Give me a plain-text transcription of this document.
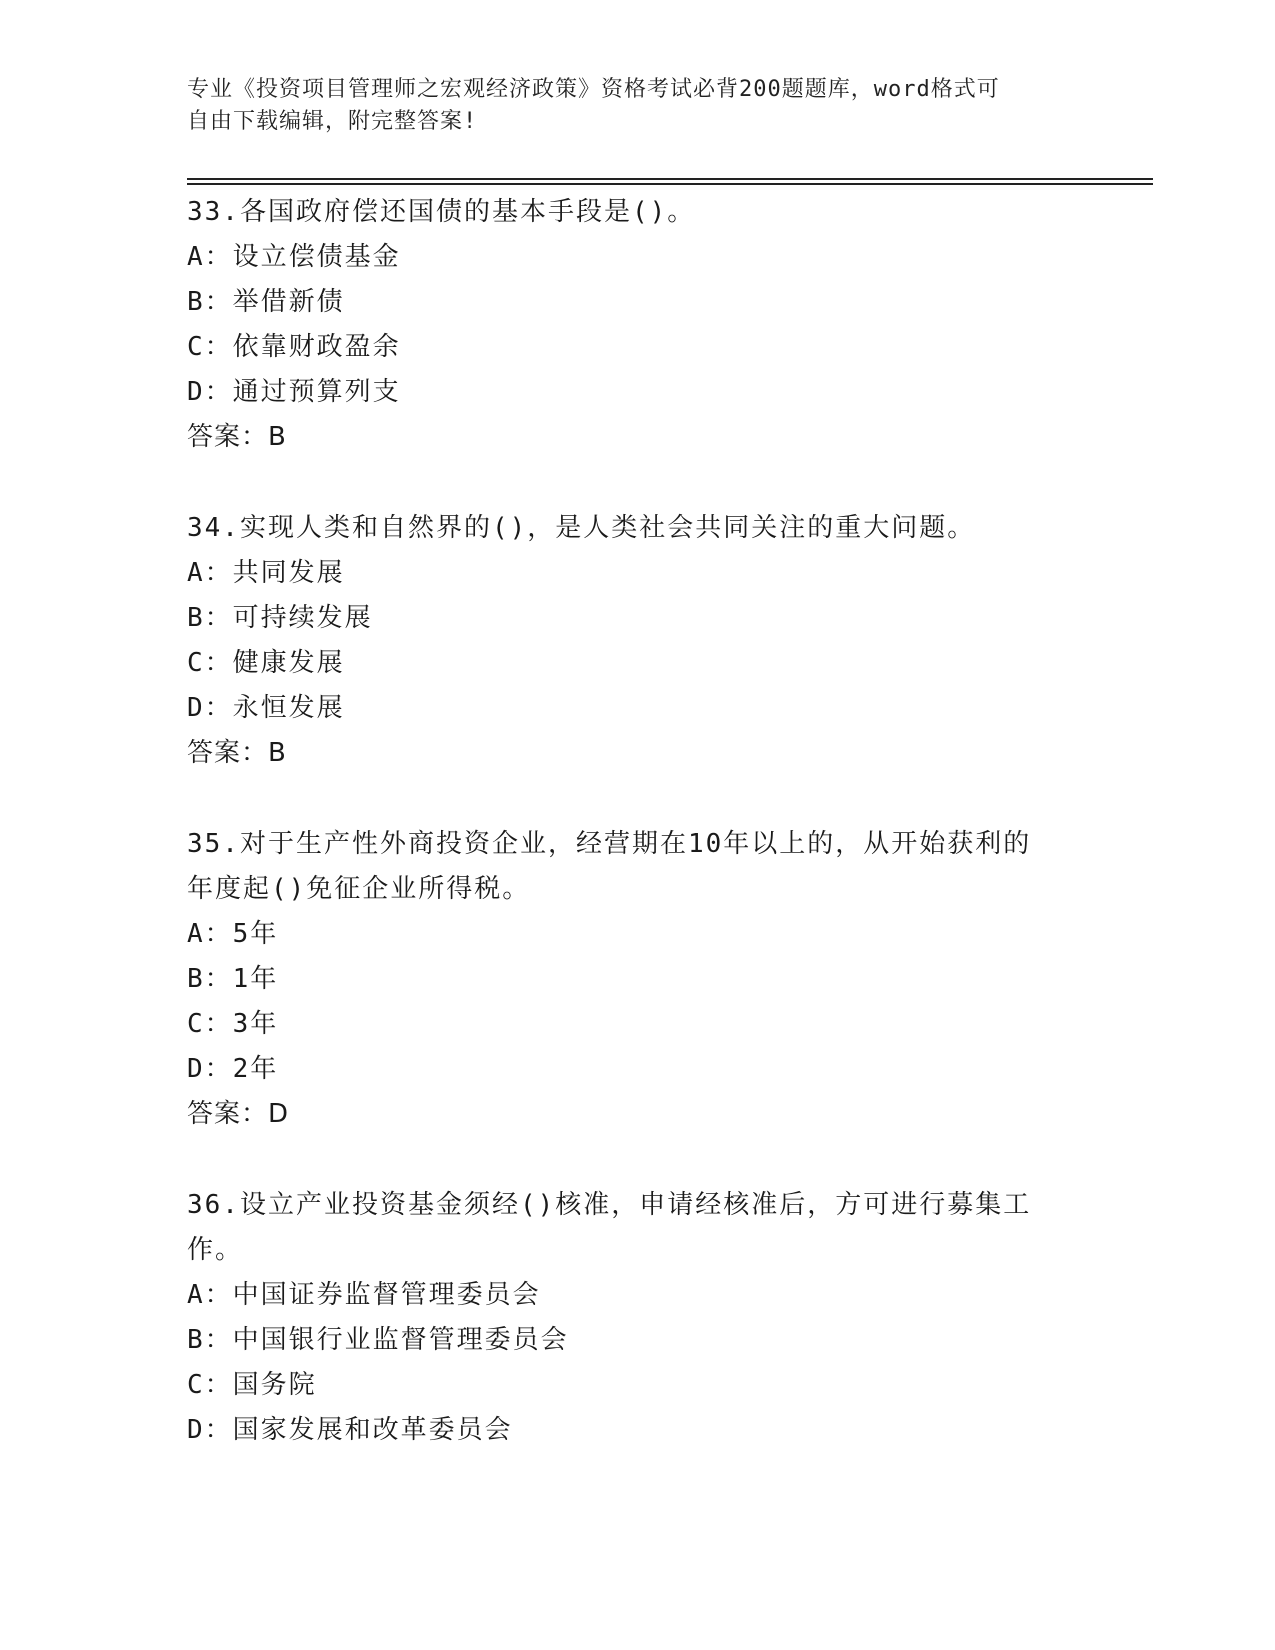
专业《投资项目管理师之宏观经济政策》资格考试必背200题题库，word格式可
自由下载编辑，附完整答案!

33.各国政府偿还国债的基本手段是()。

A：设立偿债基金

B：举借新债

C：依靠财政盈余

D：通过预算列支

答案：B

34.实现人类和自然界的()，是人类社会共同关注的重大问题。

A：共同发展

B：可持续发展

C：健康发展

D：永恒发展

答案：B

35.对于生产性外商投资企业，经营期在10年以上的，从开始获利的年度起()免征企业所得税。

A：5年

B：1年

C：3年

D：2年

答案：D

36.设立产业投资基金须经()核准，申请经核准后，方可进行募集工作。

A：中国证券监督管理委员会

B：中国银行业监督管理委员会

C：国务院

D：国家发展和改革委员会
